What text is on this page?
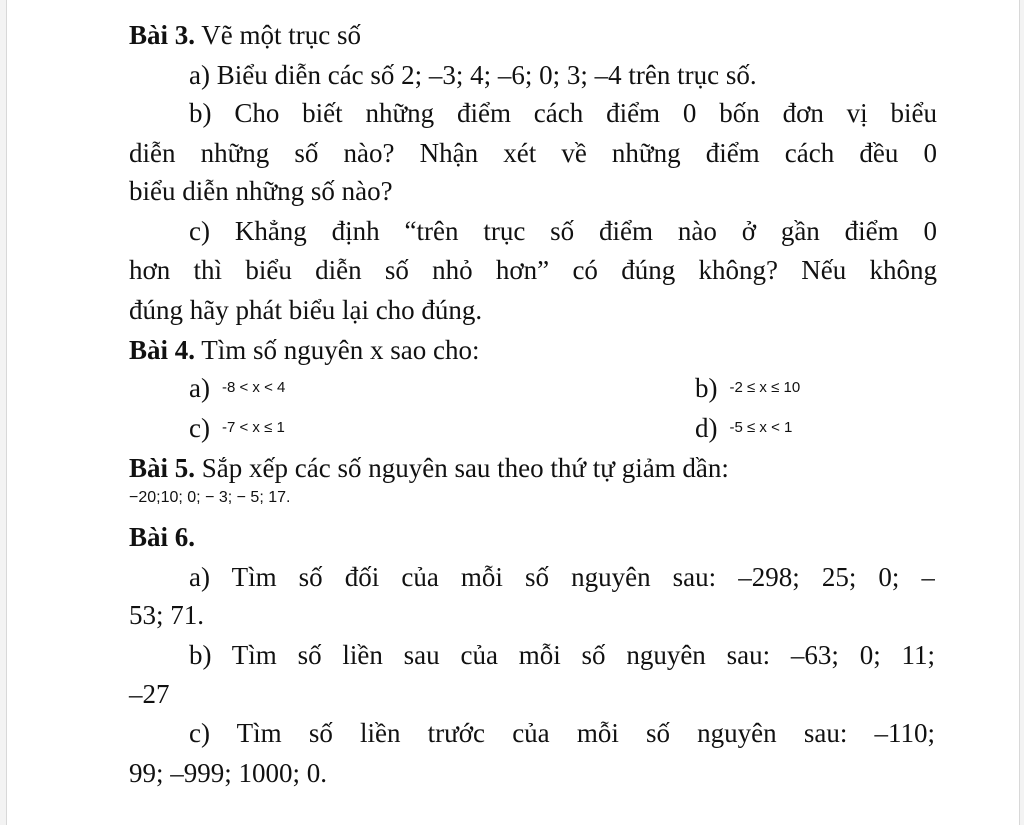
Bài 3. Vẽ một trục số
a) Biểu diễn các số 2; –3; 4; –6; 0; 3; –4 trên trục số.
b) Cho biết những điểm cách điểm 0 bốn đơn vị biểu
diễn những số nào? Nhận xét về những điểm cách đều 0
biểu diễn những số nào?
c) Khẳng định “trên trục số điểm nào ở gần điểm 0
hơn thì biểu diễn số nhỏ hơn” có đúng không? Nếu không
đúng hãy phát biểu lại cho đúng.
Bài 4. Tìm số nguyên x sao cho:
a) $^{-8 < x < 4}$	b) $^{-2 \le x \le 10}$
c) $^{-7 < x \le 1}$	d) $^{-5 \le x < 1}$
Bài 5. Sắp xếp các số nguyên sau theo thứ tự giảm dần:
−20;10; 0; − 3; − 5; 17.
Bài 6.
a) Tìm số đối của mỗi số nguyên sau: –298; 25; 0; –
53; 71.
b) Tìm số liền sau của mỗi số nguyên sau: –63; 0; 11;
–27
c) Tìm số liền trước của mỗi số nguyên sau: –110;
99; –999; 1000; 0.
